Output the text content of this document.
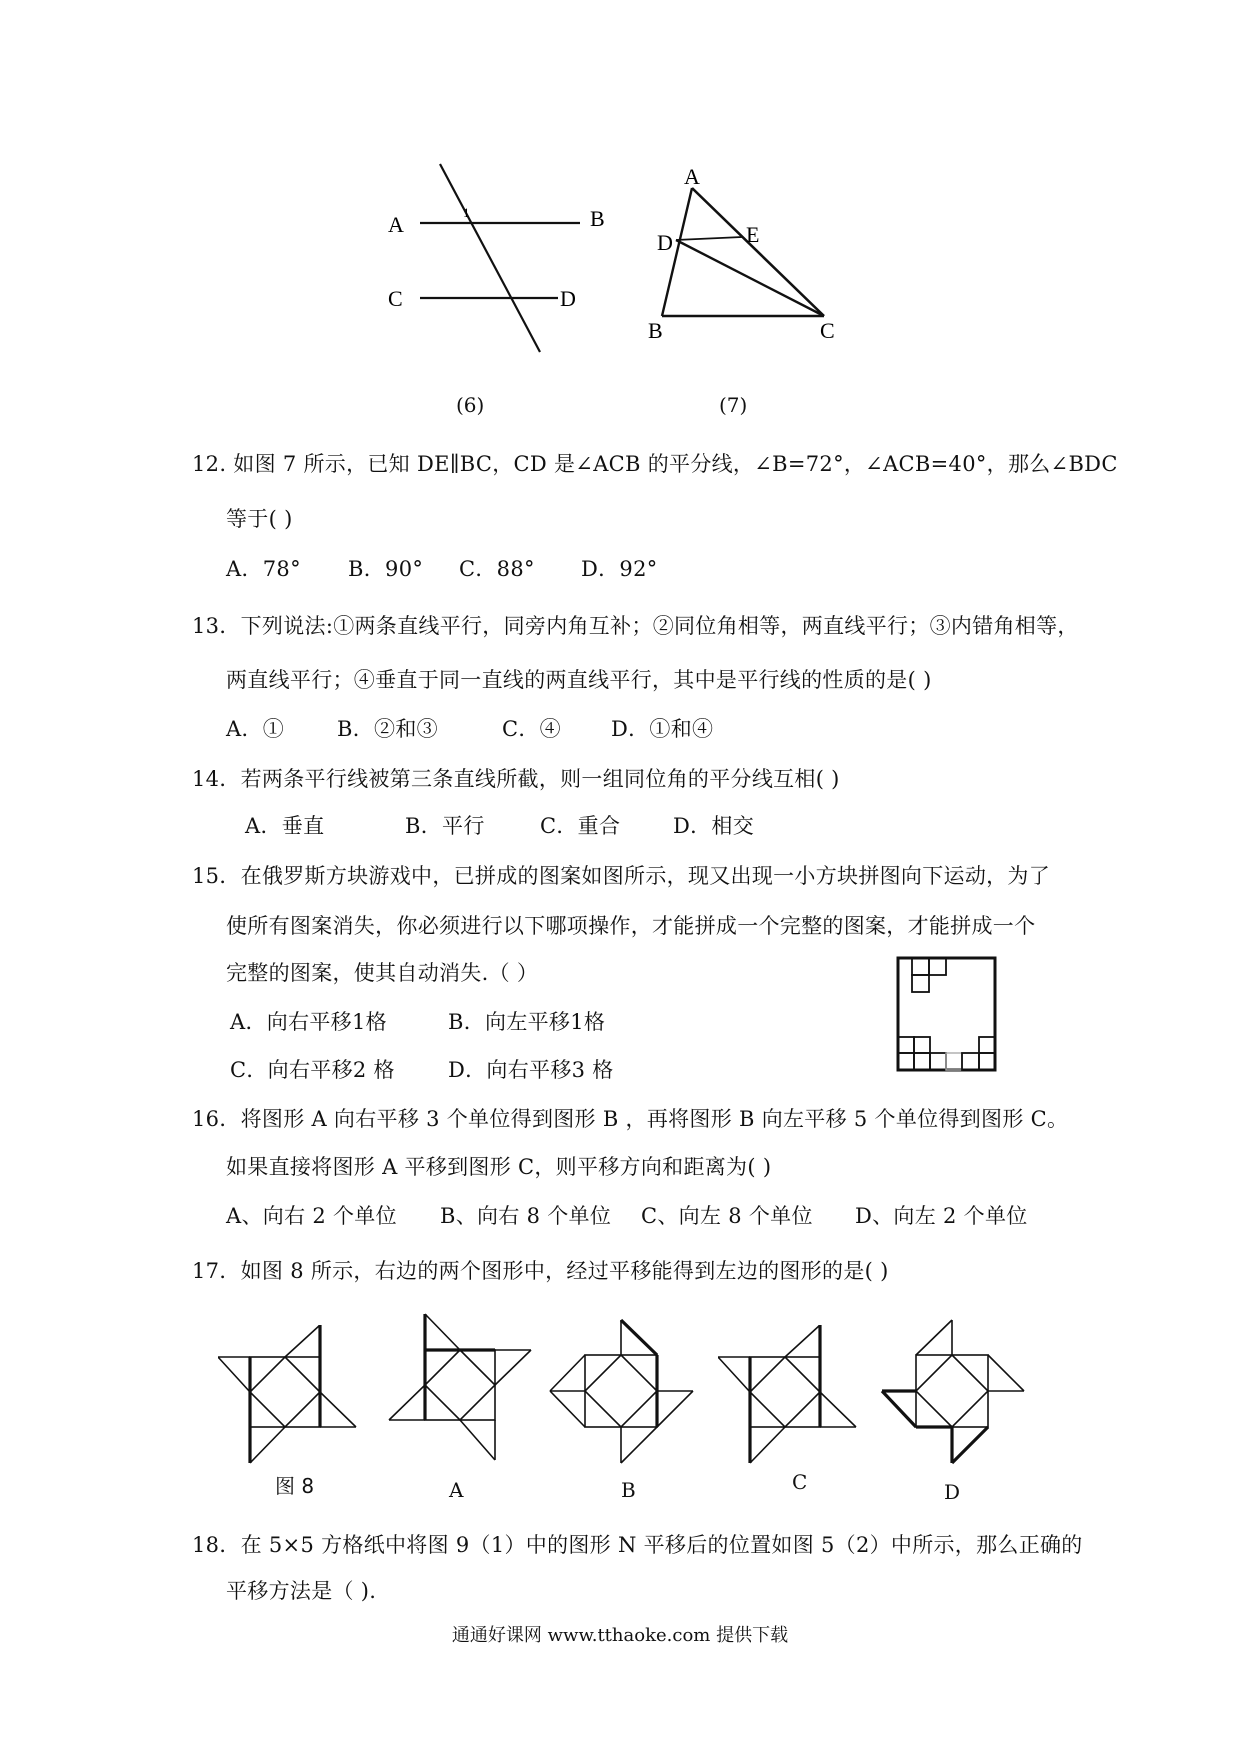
A	B
C	D
1
A
D	E
B	C
(6)	(7)
12. 如图 7 所示，已知 DE∥BC，CD 是∠ACB 的平分线，∠B=72°，∠ACB=40°，那么∠BDC
等于( )
A．78° B．90° C．88° D．92°
13．下列说法:①两条直线平行，同旁内角互补；②同位角相等，两直线平行；③内错角相等，
两直线平行；④垂直于同一直线的两直线平行，其中是平行线的性质的是( )
A．①	B．②和③	C．④ D．①和④
14．若两条平行线被第三条直线所截，则一组同位角的平分线互相( )
A．垂直	B．平行	C．重合	D．相交
15．在俄罗斯方块游戏中，已拼成的图案如图所示，现又出现一小方块拼图向下运动，为了
使所有图案消失，你必须进行以下哪项操作，才能拼成一个完整的图案，才能拼成一个
完整的图案，使其自动消失.（ ）
A．向右平移1格	B．向左平移1格
C．向右平移2 格	D．向右平移3 格
16．将图形 A 向右平移 3 个单位得到图形 B ，再将图形 B 向左平移 5 个单位得到图形 C。
如果直接将图形 A 平移到图形 C，则平移方向和距离为( )
A、向右 2 个单位 B、向右 8 个单位 C、向左 8 个单位 D、向左 2 个单位
17．如图 8 所示，右边的两个图形中，经过平移能得到左边的图形的是( )
图 8	A	B	C	D
18．在 5×5 方格纸中将图 9（1）中的图形 N 平移后的位置如图 5（2）中所示，那么正确的
平移方法是（ ).
通通好课网 www.tthaoke.com 提供下载
